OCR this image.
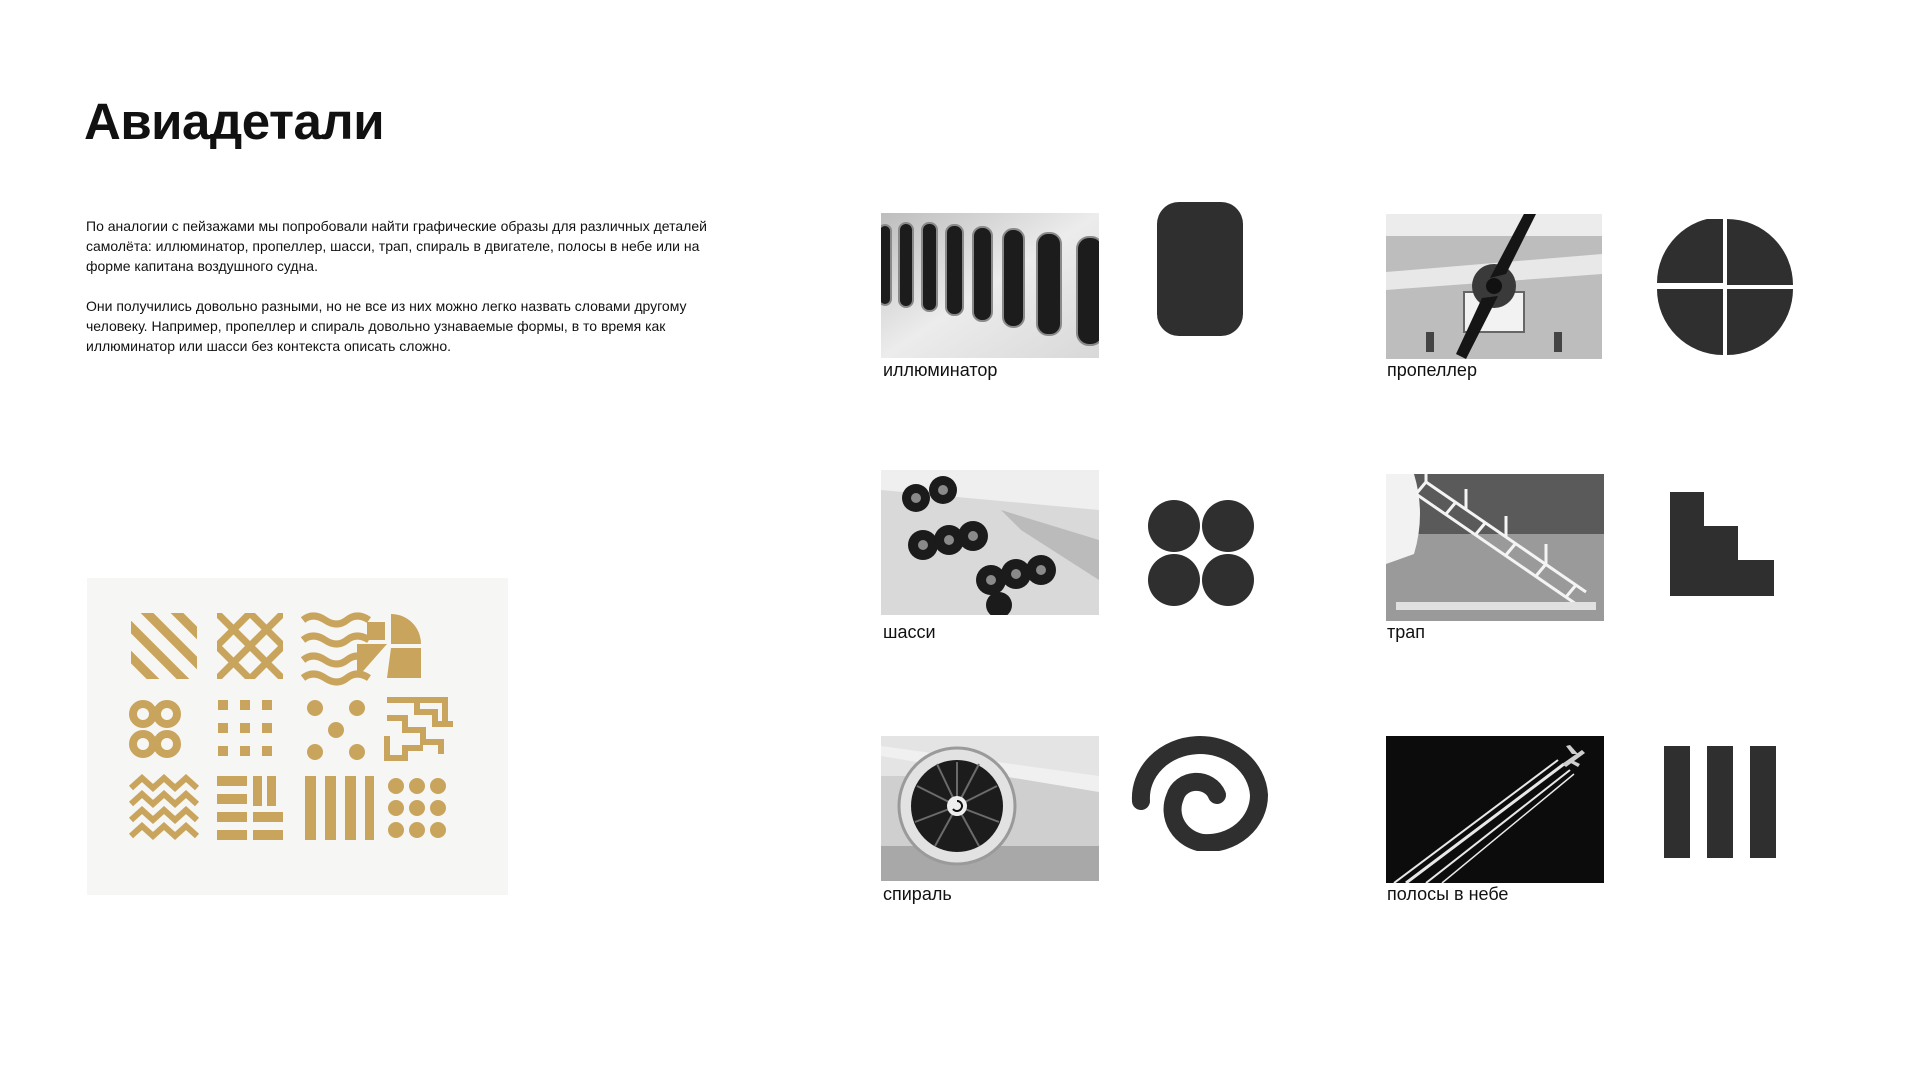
Авиадетали

По аналогии с пейзажами мы попробовали найти графические образы для различных деталей самолёта: иллюминатор, пропеллер, шасси, трап, спираль в двигателе, полосы в небе или на форме капитана воздушного судна.

Они получились довольно разными, но не все из них можно легко назвать словами другому человеку. Например, пропеллер и спираль довольно узнаваемые формы, в то время как иллюминатор или шасси без контекста описать сложно.

иллюминатор	пропеллер

шасси	трап

спираль	полосы в небе
